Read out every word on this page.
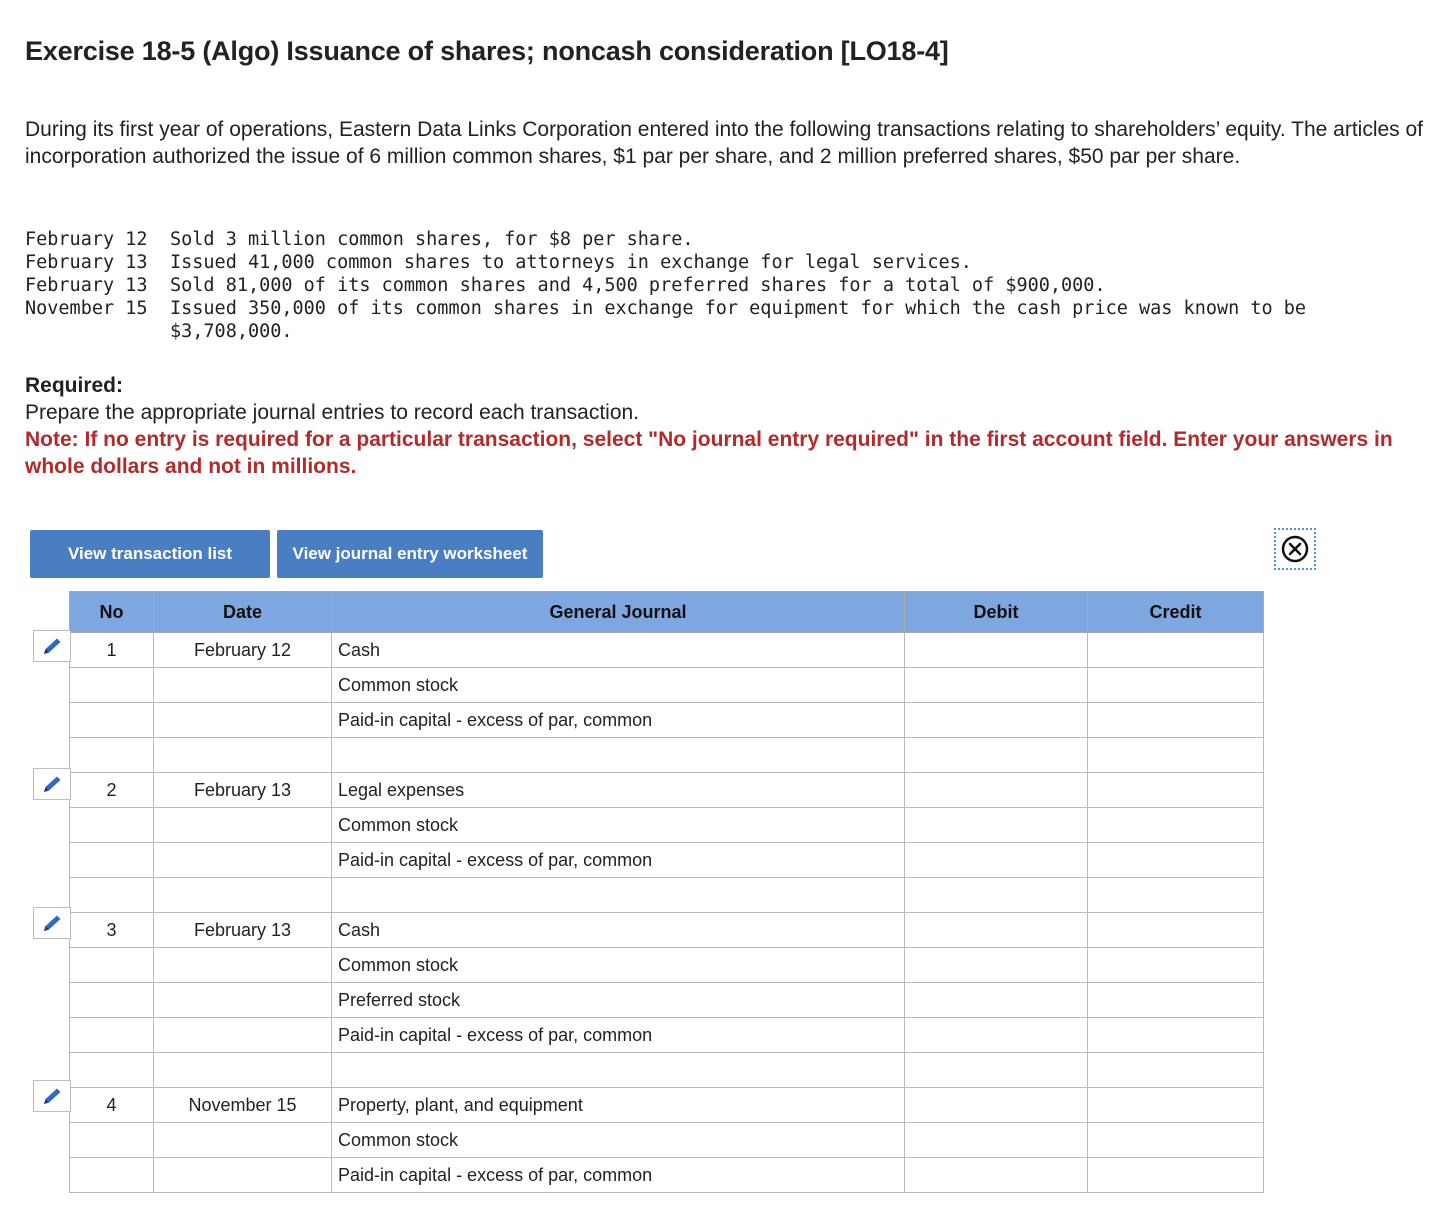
Exercise 18-5 (Algo) Issuance of shares; noncash consideration [LO18-4]

During its first year of operations, Eastern Data Links Corporation entered into the following transactions relating to shareholders’ equity. The articles of incorporation authorized the issue of 6 million common shares, $1 par per share, and 2 million preferred shares, $50 par per share.

February 12	Sold 3 million common shares, for $8 per share.
February 13	Issued 41,000 common shares to attorneys in exchange for legal services.
February 13	Sold 81,000 of its common shares and 4,500 preferred shares for a total of $900,000.
November 15	Issued 350,000 of its common shares in exchange for equipment for which the cash price was known to be $3,708,000.
Required:
Prepare the appropriate journal entries to record each transaction.
Note: If no entry is required for a particular transaction, select "No journal entry required" in the first account field. Enter your answers in whole dollars and not in millions.
View transaction list	View journal entry worksheet
No	Date	General Journal	Debit	Credit
1	February 12	Cash		
		Common stock		
		Paid-in capital - excess of par, common		

2	February 13	Legal expenses		
		Common stock		
		Paid-in capital - excess of par, common		

3	February 13	Cash		
		Common stock		
		Preferred stock		
		Paid-in capital - excess of par, common		

4	November 15	Property, plant, and equipment		
		Common stock		
		Paid-in capital - excess of par, common		
